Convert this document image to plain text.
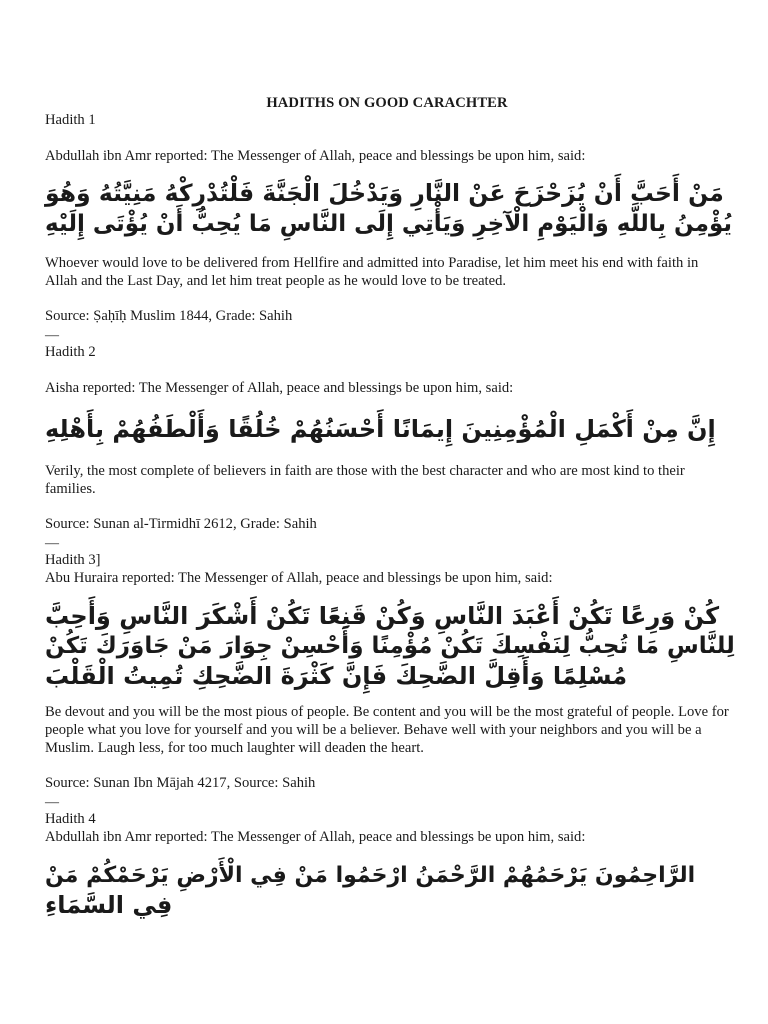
HADITHS ON GOOD CARACHTER
Hadith 1
Abdullah ibn Amr reported: The Messenger of Allah, peace and blessings be upon him, said:
مَنْ أَحَبَّ أَنْ يُزَحْزَحَ عَنْ النَّارِ وَيَدْخُلَ الْجَنَّةَ فَلْتُدْرِكْهُ مَنِيَّتُهُ وَهُوَ
يُؤْمِنُ بِاللَّهِ وَالْيَوْمِ الْآخِرِ وَيَأْتِي إِلَى النَّاسِ مَا يُحِبُّ أَنْ يُؤْتَى إِلَيْهِ
Whoever would love to be delivered from Hellfire and admitted into Paradise, let him meet his end with faith in Allah and the Last Day, and let him treat people as he would love to be treated.
Source: Ṣaḥīḥ Muslim 1844, Grade: Sahih
—
Hadith 2
Aisha reported: The Messenger of Allah, peace and blessings be upon him, said:
إِنَّ مِنْ أَكْمَلِ الْمُؤْمِنِينَ إِيمَانًا أَحْسَنُهُمْ خُلُقًا وَأَلْطَفُهُمْ بِأَهْلِهِ
Verily, the most complete of believers in faith are those with the best character and who are most kind to their families.
Source: Sunan al-Tirmidhī 2612, Grade: Sahih
—
Hadith 3]
Abu Huraira reported: The Messenger of Allah, peace and blessings be upon him, said:
كُنْ وَرِعًا تَكُنْ أَعْبَدَ النَّاسِ وَكُنْ قَنِعًا تَكُنْ أَشْكَرَ النَّاسِ وَأَحِبَّ
لِلنَّاسِ مَا تُحِبُّ لِنَفْسِكَ تَكُنْ مُؤْمِنًا وَأَحْسِنْ جِوَارَ مَنْ جَاوَرَكَ تَكُنْ
مُسْلِمًا وَأَقِلَّ الضَّحِكَ فَإِنَّ كَثْرَةَ الضَّحِكِ تُمِيتُ الْقَلْبَ
Be devout and you will be the most pious of people. Be content and you will be the most grateful of people. Love for people what you love for yourself and you will be a believer. Behave well with your neighbors and you will be a Muslim. Laugh less, for too much laughter will deaden the heart.
Source: Sunan Ibn Mājah 4217, Source: Sahih
—
Hadith 4
Abdullah ibn Amr reported: The Messenger of Allah, peace and blessings be upon him, said:
الرَّاحِمُونَ يَرْحَمُهُمْ الرَّحْمَنُ ارْحَمُوا مَنْ فِي الْأَرْضِ يَرْحَمْكُمْ مَنْ
فِي السَّمَاءِ
